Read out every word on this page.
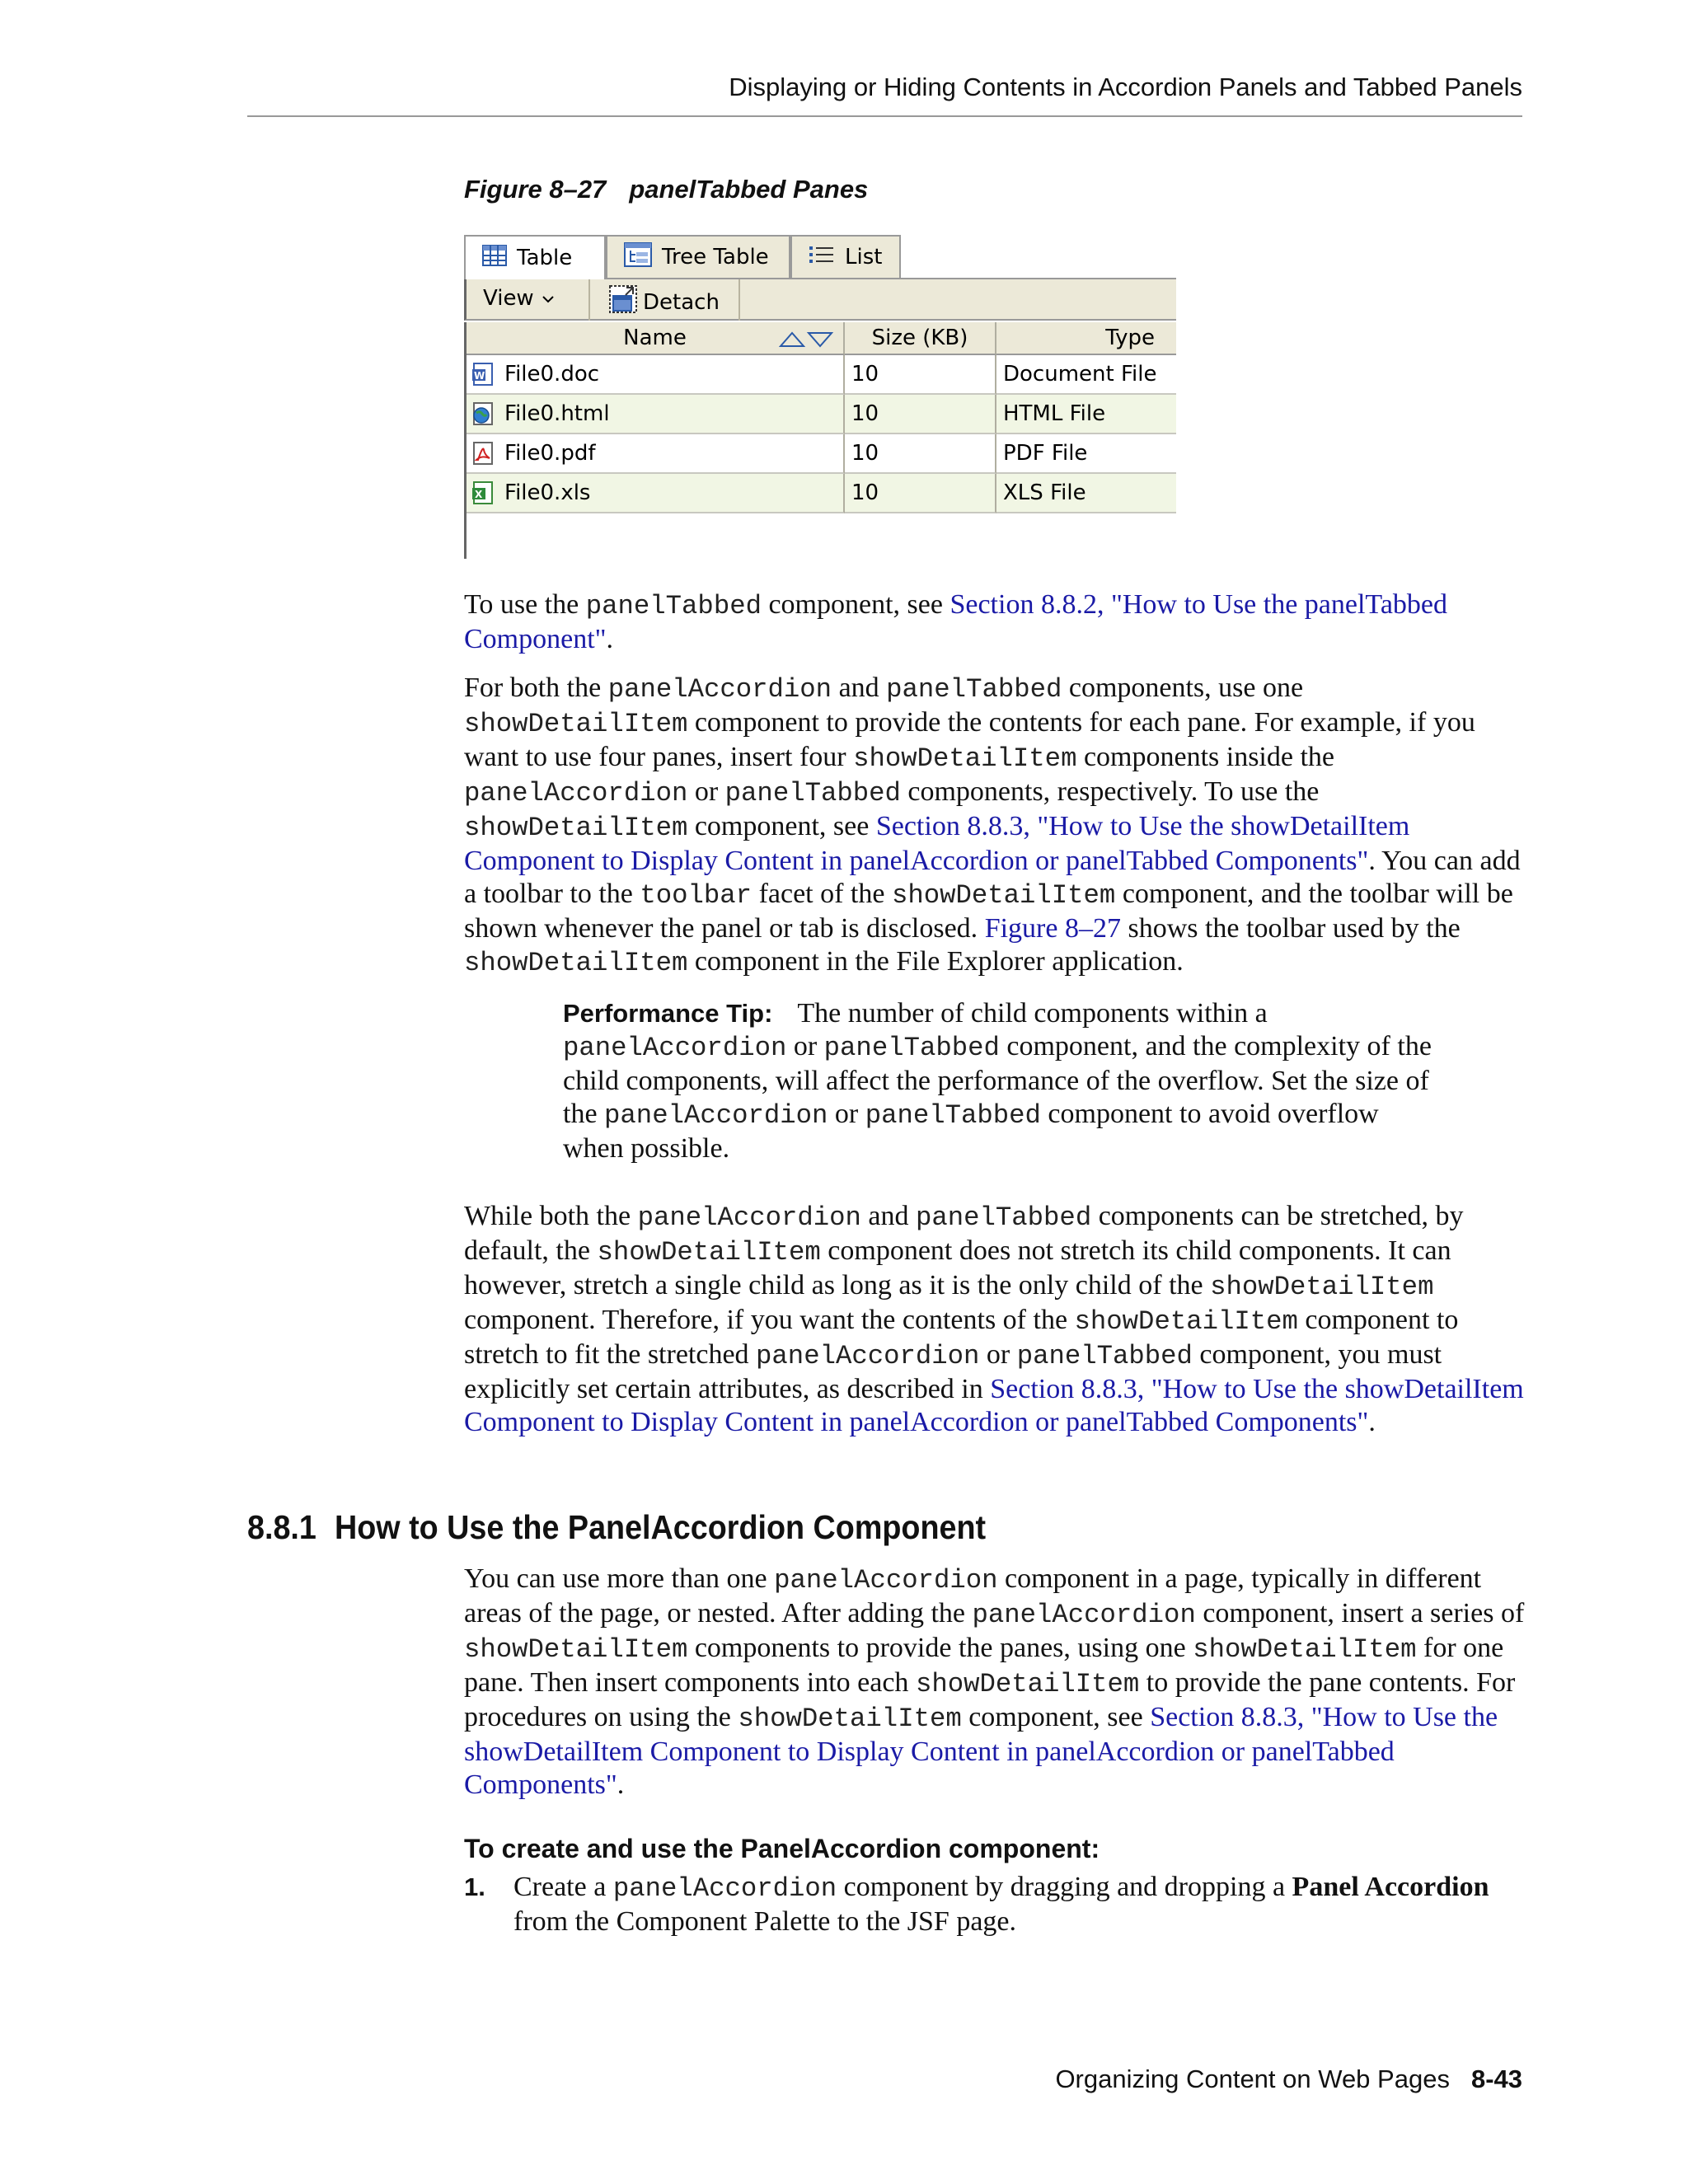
Displaying or Hiding Contents in Accordion Panels and Tabbed Panels
Figure 8–27 panelTabbed Panes
Table	Tree Table	List
View	Detach
Name	Size (KB)	Type
W File0.doc	10	Document File
File0.html	10	HTML File
File0.pdf	10	PDF File
X File0.xls	10	XLS File

To use the panelTabbed component, see Section 8.8.2, "How to Use the panelTabbed Component".

For both the panelAccordion and panelTabbed components, use one showDetailItem component to provide the contents for each pane. For example, if you want to use four panes, insert four showDetailItem components inside the panelAccordion or panelTabbed components, respectively. To use the showDetailItem component, see Section 8.8.3, "How to Use the showDetailItem Component to Display Content in panelAccordion or panelTabbed Components". You can add a toolbar to the toolbar facet of the showDetailItem component, and the toolbar will be shown whenever the panel or tab is disclosed. Figure 8–27 shows the toolbar used by the showDetailItem component in the File Explorer application.

Performance Tip: The number of child components within a panelAccordion or panelTabbed component, and the complexity of the child components, will affect the performance of the overflow. Set the size of the panelAccordion or panelTabbed component to avoid overflow when possible.

While both the panelAccordion and panelTabbed components can be stretched, by default, the showDetailItem component does not stretch its child components. It can however, stretch a single child as long as it is the only child of the showDetailItem component. Therefore, if you want the contents of the showDetailItem component to stretch to fit the stretched panelAccordion or panelTabbed component, you must explicitly set certain attributes, as described in Section 8.8.3, "How to Use the showDetailItem Component to Display Content in panelAccordion or panelTabbed Components".

8.8.1 How to Use the PanelAccordion Component

You can use more than one panelAccordion component in a page, typically in different areas of the page, or nested. After adding the panelAccordion component, insert a series of showDetailItem components to provide the panes, using one showDetailItem for one pane. Then insert components into each showDetailItem to provide the pane contents. For procedures on using the showDetailItem component, see Section 8.8.3, "How to Use the showDetailItem Component to Display Content in panelAccordion or panelTabbed Components".

To create and use the PanelAccordion component:
1. Create a panelAccordion component by dragging and dropping a Panel Accordion from the Component Palette to the JSF page.
Organizing Content on Web Pages 8-43
